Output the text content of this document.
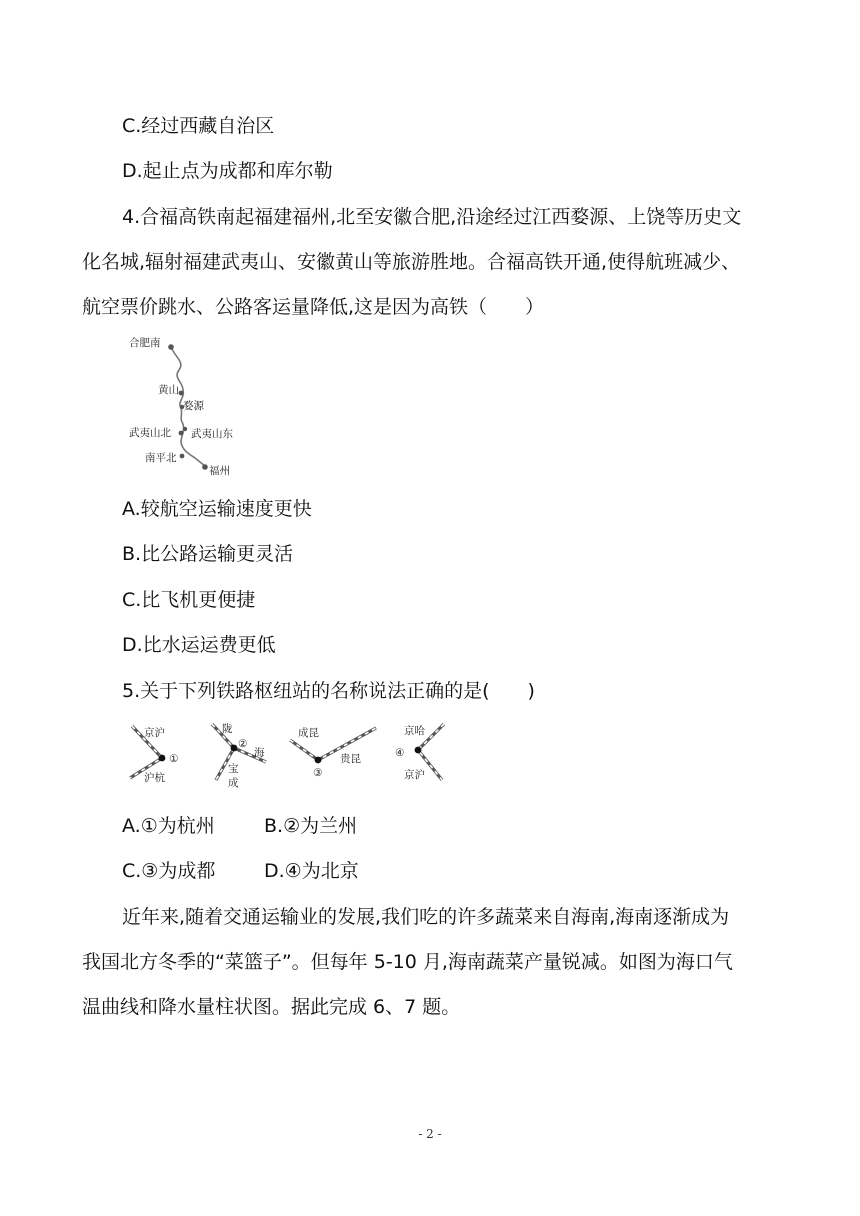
C.经过西藏自治区
D.起止点为成都和库尔勒
4.合福高铁南起福建福州,北至安徽合肥,沿途经过江西婺源、上饶等历史文
化名城,辐射福建武夷山、安徽黄山等旅游胜地。合福高铁开通,使得航班减少、
航空票价跳水、公路客运量降低,这是因为高铁（　　）
合肥南
黄山
婺源
武夷山北 武夷山东
南平北
福州
A.较航空运输速度更快
B.比公路运输更灵活
C.比飞机更便捷
D.比水运运费更低
5.关于下列铁路枢纽站的名称说法正确的是(　　)
京沪
①
沪杭
陇
②
海
宝
成
成昆
贵昆
③
京哈
④
京沪
A.①为杭州	B.②为兰州
C.③为成都	D.④为北京
近年来,随着交通运输业的发展,我们吃的许多蔬菜来自海南,海南逐渐成为
我国北方冬季的“菜篮子”。但每年 5-10 月,海南蔬菜产量锐减。如图为海口气
温曲线和降水量柱状图。据此完成 6、7 题。
- 2 -
